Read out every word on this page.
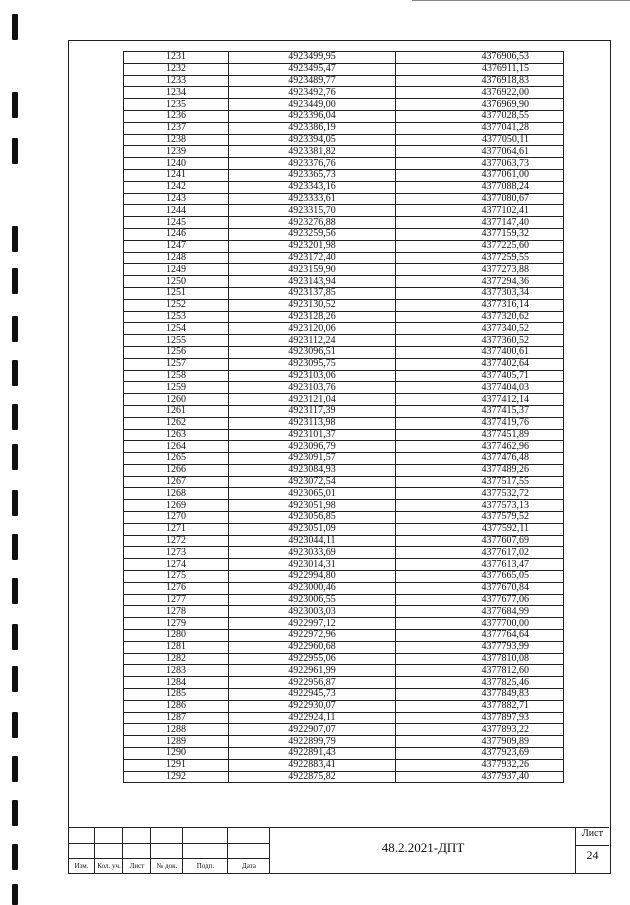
1231	4923499,95	4376906,53
1232	4923495,47	4376911,15
1233	4923489,77	4376918,83
1234	4923492,76	4376922,00
1235	4923449,00	4376969,90
1236	4923396,04	4377028,55
1237	4923386,19	4377041,28
1238	4923394,05	4377050,11
1239	4923381,82	4377064,61
1240	4923376,76	4377063,73
1241	4923365,73	4377061,00
1242	4923343,16	4377088,24
1243	4923333,61	4377080,67
1244	4923315,70	4377102,41
1245	4923276,88	4377147,40
1246	4923259,56	4377159,32
1247	4923201,98	4377225,60
1248	4923172,40	4377259,55
1249	4923159,90	4377273,88
1250	4923143,94	4377294,36
1251	4923137,85	4377303,34
1252	4923130,52	4377316,14
1253	4923128,26	4377320,62
1254	4923120,06	4377340,52
1255	4923112,24	4377360,52
1256	4923096,51	4377400,61
1257	4923095,75	4377402,64
1258	4923103,06	4377405,71
1259	4923103,76	4377404,03
1260	4923121,04	4377412,14
1261	4923117,39	4377415,37
1262	4923113,98	4377419,76
1263	4923101,37	4377451,89
1264	4923096,79	4377462,96
1265	4923091,57	4377476,48
1266	4923084,93	4377489,26
1267	4923072,54	4377517,55
1268	4923065,01	4377532,72
1269	4923051,98	4377573,13
1270	4923056,85	4377579,52
1271	4923051,09	4377592,11
1272	4923044,11	4377607,69
1273	4923033,69	4377617,02
1274	4923014,31	4377613,47
1275	4922994,80	4377665,05
1276	4923000,46	4377670,84
1277	4923006,55	4377677,06
1278	4923003,03	4377684,99
1279	4922997,12	4377700,00
1280	4922972,96	4377764,64
1281	4922960,68	4377793,99
1282	4922955,06	4377810,08
1283	4922961,99	4377812,60
1284	4922956,87	4377825,46
1285	4922945,73	4377849,83
1286	4922930,07	4377882,71
1287	4922924,11	4377897,93
1288	4922907,07	4377893,22
1289	4922899,79	4377909,89
1290	4922891,43	4377923,69
1291	4922883,41	4377932,26
1292	4922875,82	4377937,40
Изм.	Кол. уч.	Лист	№ док.	Подп.	Дата
48.2.2021-ДПТ
Лист
24
